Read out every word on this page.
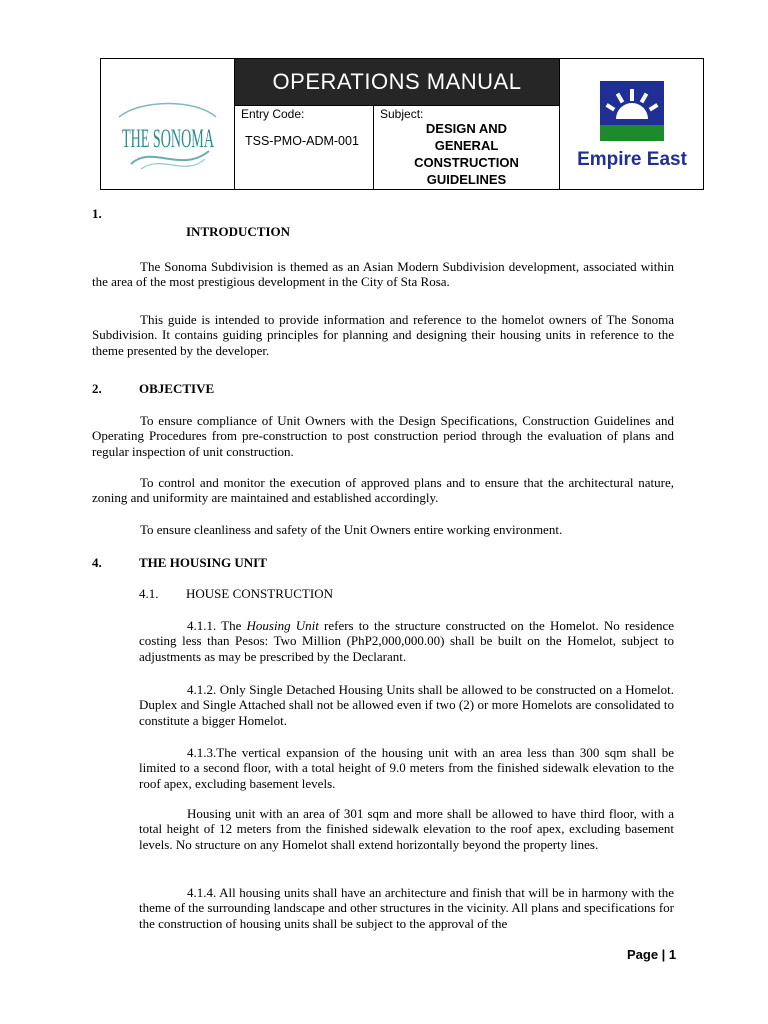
THE SONOMA
OPERATIONS MANUAL
Entry Code:
TSS-PMO-ADM-001
Subject:
DESIGN AND
GENERAL
CONSTRUCTION
GUIDELINES
Empire East
1.
INTRODUCTION
The Sonoma Subdivision is themed as an Asian Modern Subdivision development, associated within the area of the most prestigious development in the City of Sta Rosa.
This guide is intended to provide information and reference to the homelot owners of The Sonoma Subdivision. It contains guiding principles for planning and designing their housing units in reference to the theme presented by the developer.
2.	OBJECTIVE
To ensure compliance of Unit Owners with the Design Specifications, Construction Guidelines and Operating Procedures from pre-construction to post construction period through the evaluation of plans and regular inspection of unit construction.
To control and monitor the execution of approved plans and to ensure that the architectural nature, zoning and uniformity are maintained and established accordingly.
To ensure cleanliness and safety of the Unit Owners entire working environment.
4.	THE HOUSING UNIT
4.1. HOUSE CONSTRUCTION
4.1.1. The Housing Unit refers to the structure constructed on the Homelot. No residence costing less than Pesos: Two Million (PhP2,000,000.00) shall be built on the Homelot, subject to adjustments as may be prescribed by the Declarant.
4.1.2. Only Single Detached Housing Units shall be allowed to be constructed on a Homelot. Duplex and Single Attached shall not be allowed even if two (2) or more Homelots are consolidated to constitute a bigger Homelot.
4.1.3.The vertical expansion of the housing unit with an area less than 300 sqm shall be limited to a second floor, with a total height of 9.0 meters from the finished sidewalk elevation to the roof apex, excluding basement levels.
Housing unit with an area of 301 sqm and more shall be allowed to have third floor, with a total height of 12 meters from the finished sidewalk elevation to the roof apex, excluding basement levels. No structure on any Homelot shall extend horizontally beyond the property lines.
4.1.4. All housing units shall have an architecture and finish that will be in harmony with the theme of the surrounding landscape and other structures in the vicinity. All plans and specifications for the construction of housing units shall be subject to the approval of the
Page | 1
